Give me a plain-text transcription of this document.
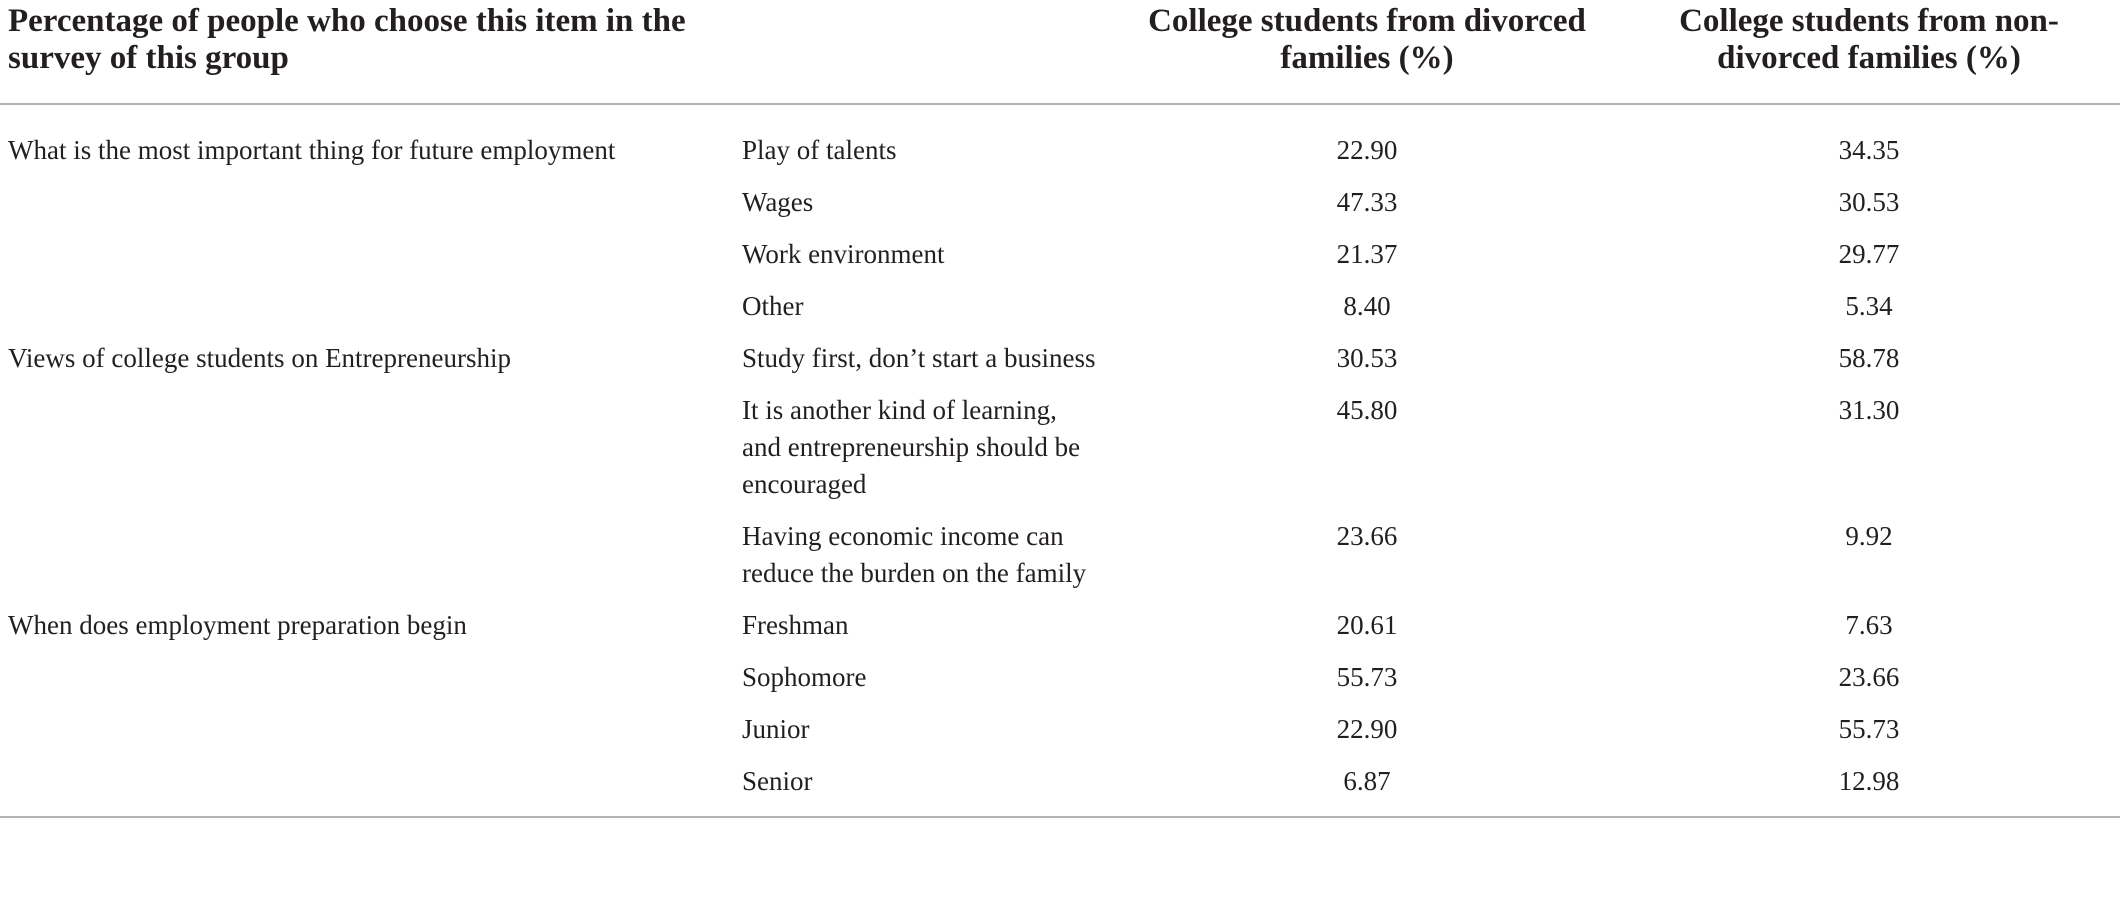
Percentage of people who choose this item in the survey of this group		College students from divorced families (%)	College students from non-divorced families (%)
What is the most important thing for future employment	Play of talents	22.90	34.35
	Wages	47.33	30.53
	Work environment	21.37	29.77
	Other	8.40	5.34
Views of college students on Entrepreneurship	Study first, don’t start a business	30.53	58.78
	It is another kind of learning, and entrepreneurship should be encouraged	45.80	31.30
	Having economic income can reduce the burden on the family	23.66	9.92
When does employment preparation begin	Freshman	20.61	7.63
	Sophomore	55.73	23.66
	Junior	22.90	55.73
	Senior	6.87	12.98
